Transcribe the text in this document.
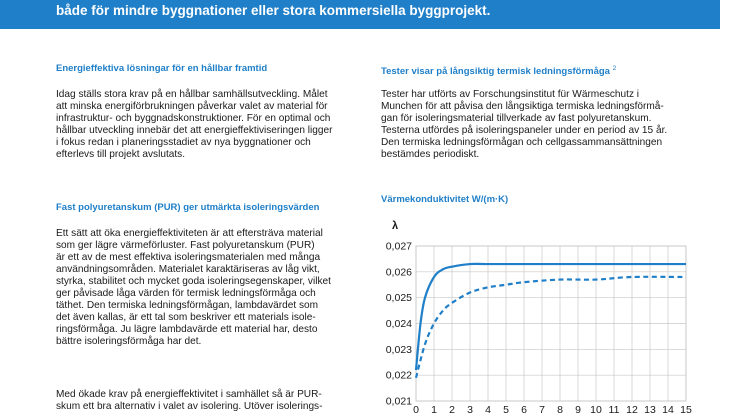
både för mindre byggnationer eller stora kommersiella byggprojekt.
Energieffektiva lösningar för en hållbar framtid
Idag ställs stora krav på en hållbar samhällsutveckling. Målet
att minska energiförbrukningen påverkar valet av material för
infrastruktur- och byggnadskonstruktioner. För en optimal och
hållbar utveckling innebär det att energieffektiviseringen ligger
i fokus redan i planeringsstadiet av nya byggnationer och
efterlevs till projekt avslutats.
Fast polyuretanskum (PUR) ger utmärkta isoleringsvärden
Ett sätt att öka energieffektiviteten är att eftersträva material
som ger lägre värmeförluster. Fast polyuretanskum (PUR)
är ett av de mest effektiva isoleringsmaterialen med många
användningsområden. Materialet karaktäriseras av låg vikt,
styrka, stabilitet och mycket goda isoleringsegenskaper, vilket
ger påvisade låga värden för termisk ledningsförmåga och
täthet. Den termiska ledningsförmågan, lambdavärdet som
det även kallas, är ett tal som beskriver ett materials isole-
ringsförmåga. Ju lägre lambdavärde ett material har, desto
bättre isoleringsförmåga har det.
Med ökade krav på energieffektivitet i samhället så är PUR-
skum ett bra alternativ i valet av isolering. Utöver isolerings-
Tester visar på långsiktig termisk ledningsförmåga $^2$
Tester har utförts av Forschungsinstitut für Wärmeschutz i
Munchen för att påvisa den långsiktiga termiska ledningsförmå-
gan för isoleringsmaterial tillverkade av fast polyuretanskum.
Testerna utfördes på isoleringspaneler under en period av 15 år.
Den termiska ledningsförmågan och cellgassammansättningen
bestämdes periodiskt.
Värmekonduktivitet W/(m·K)
0,027
0,026
0,025
0,024
0,023
0,022
0,021
0 1 2 3 4 5 6 7 8 9 10 11 12 13 14 15
λ
